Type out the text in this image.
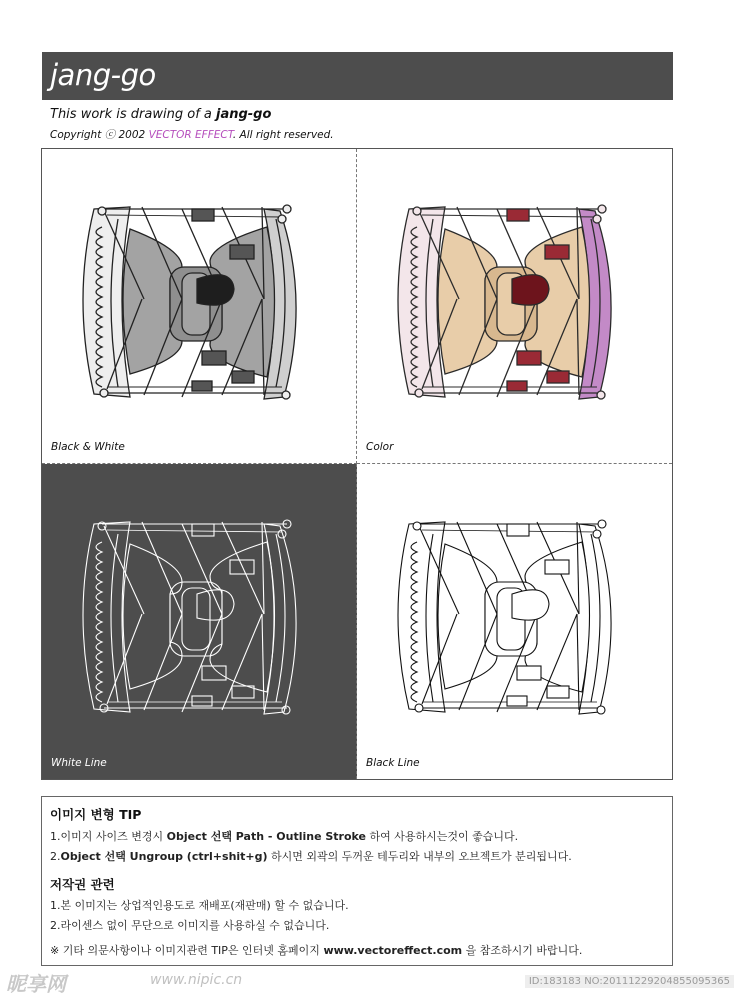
jang-go
This work is drawing of a jang-go
Copyright ⓒ 2002 VECTOR EFFECT. All right reserved.
Black & White	Color
White Line	Black Line
이미지 변형 TIP
1.이미지 사이즈 변경시 Object 선택 Path - Outline Stroke 하여 사용하시는것이 좋습니다.
2.Object 선택 Ungroup (ctrl+shit+g) 하시면 외곽의 두꺼운 테두리와 내부의 오브젝트가 분리됩니다.
저작권 관련
1.본 이미지는 상업적인용도로 재배포(재판매) 할 수 없습니다.
2.라이센스 없이 무단으로 이미지를 사용하실 수 없습니다.
※ 기타 의문사항이나 이미지관련 TIP은 인터넷 홈페이지 www.vectoreffect.com 을 참조하시기 바랍니다.
昵享网	www.nipic.cn	ID:183183 NO:20111229204855095365
